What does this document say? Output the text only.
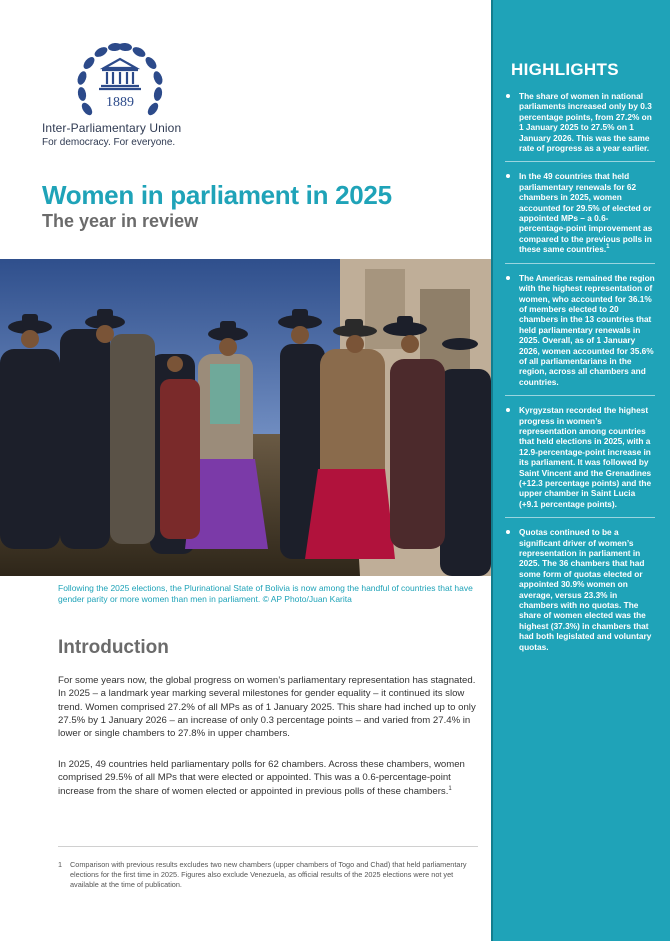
1889
Inter-Parliamentary Union
For democracy. For everyone.
Women in parliament in 2025
The year in review

Following the 2025 elections, the Plurinational State of Bolivia is now among the handful of countries that have gender parity or more women than men in parliament. © AP Photo/Juan Karita

Introduction

For some years now, the global progress on women’s parliamentary representation has stagnated. In 2025 – a landmark year marking several milestones for gender equality – it continued its slow trend. Women comprised 27.2% of all MPs as of 1 January 2025. This share had inched up to only 27.5% by 1 January 2026 – an increase of only 0.3 percentage points – and varied from 27.4% in lower or single chambers to 27.8% in upper chambers.

In 2025, 49 countries held parliamentary polls for 62 chambers. Across these chambers, women comprised 29.5% of all MPs that were elected or appointed. This was a 0.6-percentage-point increase from the share of women elected or appointed in previous polls of these chambers.$^1$

1	Comparison with previous results excludes two new chambers (upper chambers of Togo and Chad) that held parliamentary elections for the first time in 2025. Figures also exclude Venezuela, as official results of the 2025 elections were not yet available at the time of publication.
HIGHLIGHTS
The share of women in national parliaments increased only by 0.3 percentage points, from 27.2% on 1 January 2025 to 27.5% on 1 January 2026. This was the same rate of progress as a year earlier.
In the 49 countries that held parliamentary renewals for 62 chambers in 2025, women accounted for 29.5% of elected or appointed MPs – a 0.6-percentage-point improvement as compared to the previous polls in these same countries.$^1$
The Americas remained the region with the highest representation of women, who accounted for 36.1% of members elected to 20 chambers in the 13 countries that held parliamentary renewals in 2025. Overall, as of 1 January 2026, women accounted for 35.6% of all parliamentarians in the region, across all chambers and countries.
Kyrgyzstan recorded the highest progress in women’s representation among countries that held elections in 2025, with a 12.9-percentage-point increase in its parliament. It was followed by Saint Vincent and the Grenadines (+12.3 percentage points) and the upper chamber in Saint Lucia (+9.1 percentage points).
Quotas continued to be a significant driver of women’s representation in parliament in 2025. The 36 chambers that had some form of quotas elected or appointed 30.9% women on average, versus 23.3% in chambers with no quotas. The share of women elected was the highest (37.3%) in chambers that had both legislated and voluntary quotas.
